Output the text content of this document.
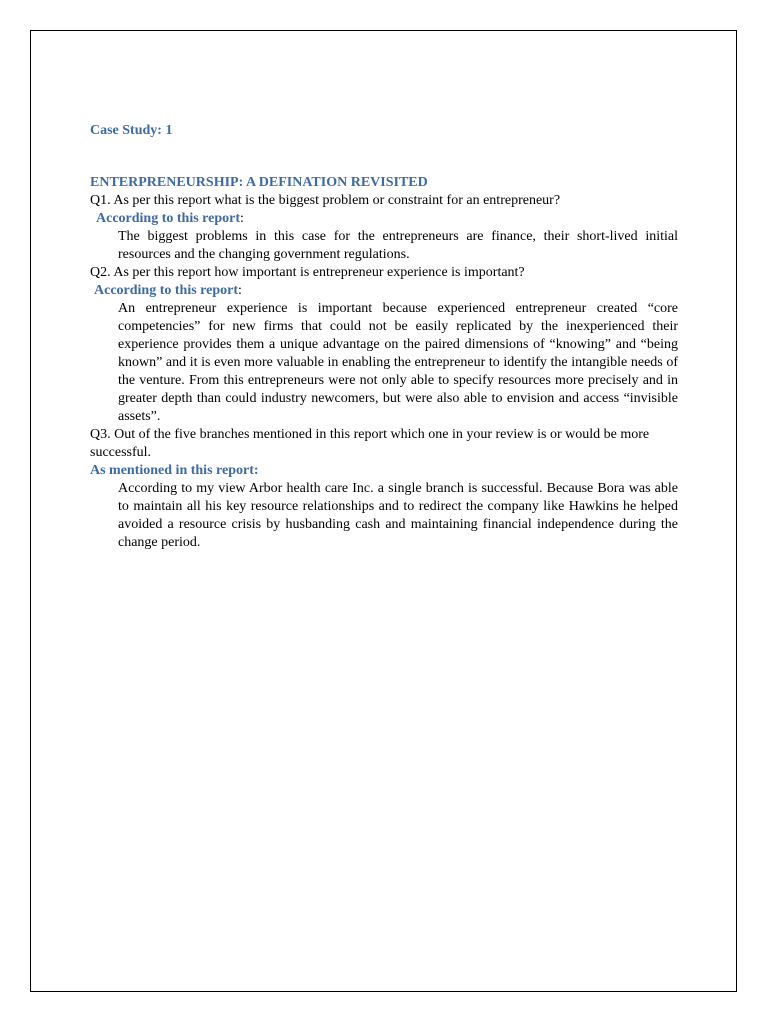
Case Study: 1

ENTERPRENEURSHIP: A DEFINATION REVISITED

Q1. As per this report what is the biggest problem or constraint for an entrepreneur?

According to this report:

The biggest problems in this case for the entrepreneurs are finance, their short-lived initial resources and the changing government regulations.

Q2. As per this report how important is entrepreneur experience is important?

According to this report:

An entrepreneur experience is important because experienced entrepreneur created “core competencies” for new firms that could not be easily replicated by the inexperienced their experience provides them a unique advantage on the paired dimensions of “knowing” and “being known” and it is even more valuable in enabling the entrepreneur to identify the intangible needs of the venture. From this entrepreneurs were not only able to specify resources more precisely and in greater depth than could industry newcomers, but were also able to envision and access “invisible assets”.

Q3. Out of the five branches mentioned in this report which one in your review is or would be more successful.

As mentioned in this report:

According to my view Arbor health care Inc. a single branch is successful. Because Bora was able to maintain all his key resource relationships and to redirect the company like Hawkins he helped avoided a resource crisis by husbanding cash and maintaining financial independence during the change period.
